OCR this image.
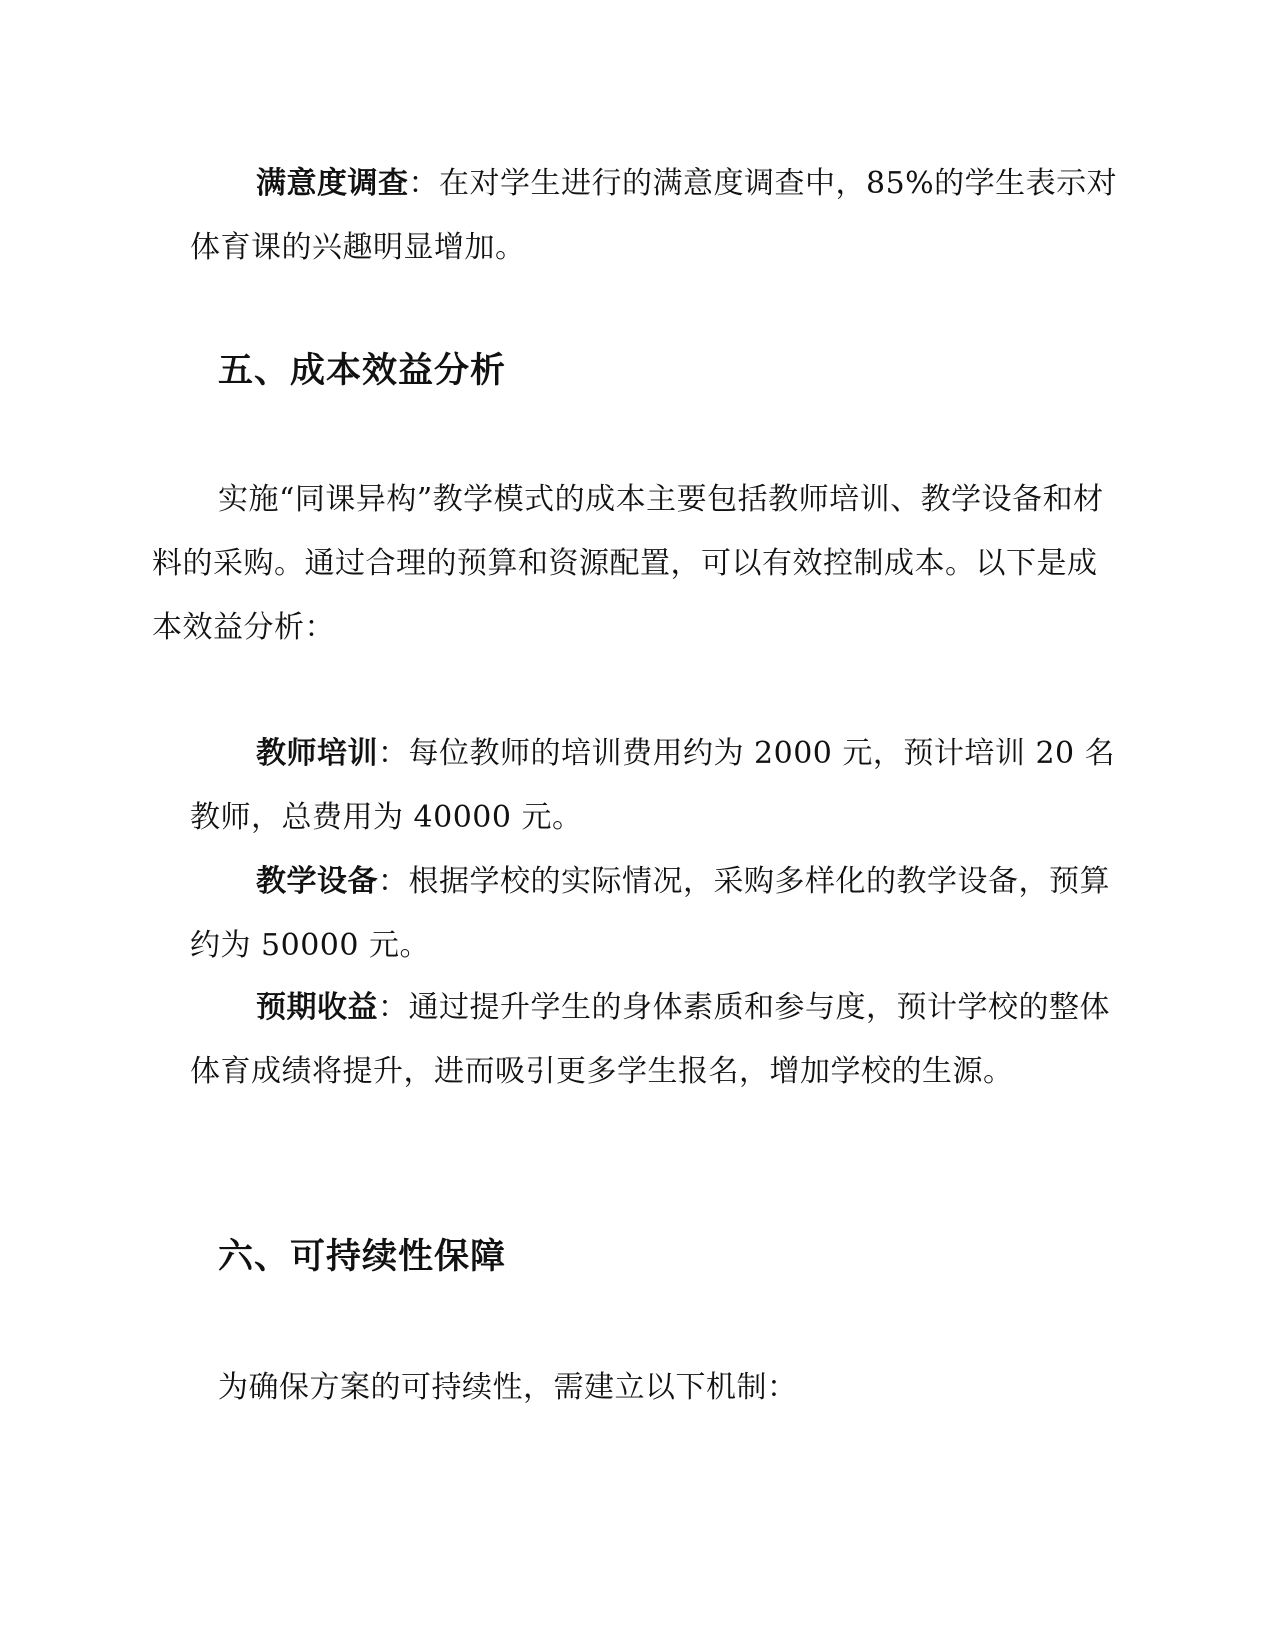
满意度调查：在对学生进行的满意度调查中，85%的学生表示对体育课的兴趣明显增加。

五、成本效益分析

实施“同课异构”教学模式的成本主要包括教师培训、教学设备和材料的采购。通过合理的预算和资源配置，可以有效控制成本。以下是成本效益分析：

教师培训：每位教师的培训费用约为 2000 元，预计培训 20 名教师，总费用为 40000 元。

教学设备：根据学校的实际情况，采购多样化的教学设备，预算约为 50000 元。

预期收益：通过提升学生的身体素质和参与度，预计学校的整体体育成绩将提升，进而吸引更多学生报名，增加学校的生源。

六、可持续性保障

为确保方案的可持续性，需建立以下机制：
